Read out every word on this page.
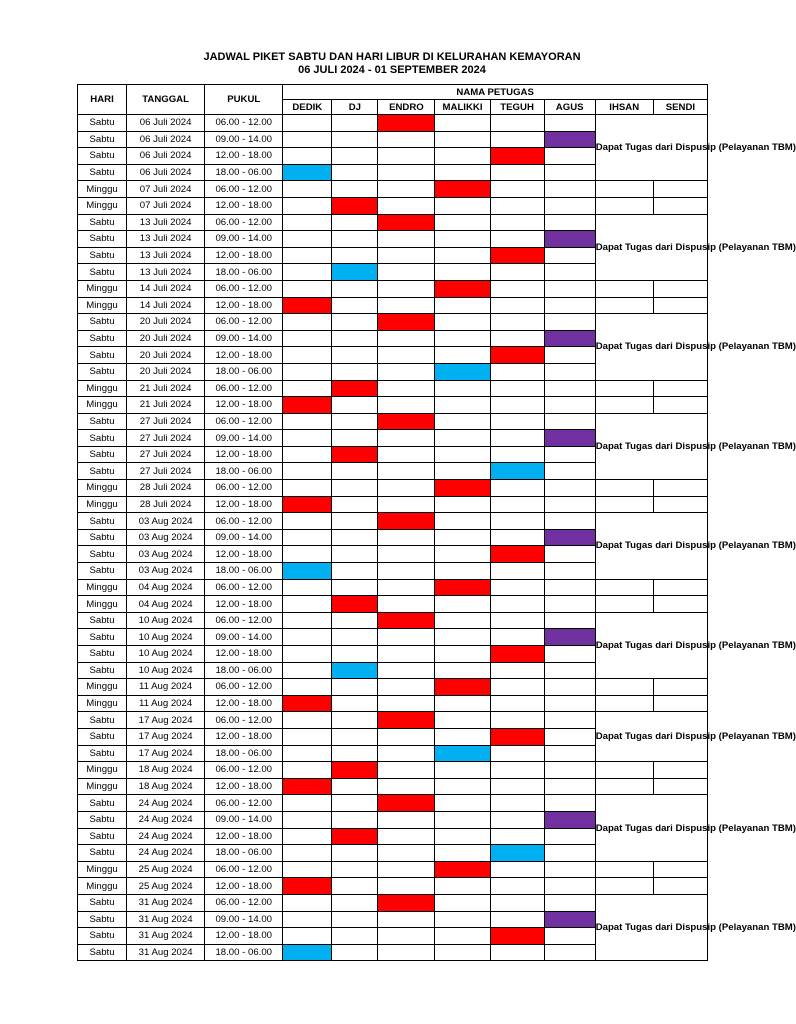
JADWAL PIKET SABTU DAN HARI LIBUR DI KELURAHAN KEMAYORAN
06 JULI 2024 - 01 SEPTEMBER 2024
HARI	TANGGAL	PUKUL	NAMA PETUGAS							
			DEDIK	DJ	ENDRO	MALIKKI	TEGUH	AGUS	IHSAN	SENDI
Sabtu	06 Juli 2024	06.00 - 12.00							Dapat Tugas dari Dispusip (Pelayanan TBM)	
Sabtu	06 Juli 2024	09.00 - 14.00								
Sabtu	06 Juli 2024	12.00 - 18.00								
Sabtu	06 Juli 2024	18.00 - 06.00								
Minggu	07 Juli 2024	06.00 - 12.00								
Minggu	07 Juli 2024	12.00 - 18.00								
Sabtu	13 Juli 2024	06.00 - 12.00							Dapat Tugas dari Dispusip (Pelayanan TBM)	
Sabtu	13 Juli 2024	09.00 - 14.00								
Sabtu	13 Juli 2024	12.00 - 18.00								
Sabtu	13 Juli 2024	18.00 - 06.00								
Minggu	14 Juli 2024	06.00 - 12.00								
Minggu	14 Juli 2024	12.00 - 18.00								
Sabtu	20 Juli 2024	06.00 - 12.00							Dapat Tugas dari Dispusip (Pelayanan TBM)	
Sabtu	20 Juli 2024	09.00 - 14.00								
Sabtu	20 Juli 2024	12.00 - 18.00								
Sabtu	20 Juli 2024	18.00 - 06.00								
Minggu	21 Juli 2024	06.00 - 12.00								
Minggu	21 Juli 2024	12.00 - 18.00								
Sabtu	27 Juli 2024	06.00 - 12.00							Dapat Tugas dari Dispusip (Pelayanan TBM)	
Sabtu	27 Juli 2024	09.00 - 14.00								
Sabtu	27 Juli 2024	12.00 - 18.00								
Sabtu	27 Juli 2024	18.00 - 06.00								
Minggu	28 Juli 2024	06.00 - 12.00								
Minggu	28 Juli 2024	12.00 - 18.00								
Sabtu	03 Aug 2024	06.00 - 12.00							Dapat Tugas dari Dispusip (Pelayanan TBM)	
Sabtu	03 Aug 2024	09.00 - 14.00								
Sabtu	03 Aug 2024	12.00 - 18.00								
Sabtu	03 Aug 2024	18.00 - 06.00								
Minggu	04 Aug 2024	06.00 - 12.00								
Minggu	04 Aug 2024	12.00 - 18.00								
Sabtu	10 Aug 2024	06.00 - 12.00							Dapat Tugas dari Dispusip (Pelayanan TBM)	
Sabtu	10 Aug 2024	09.00 - 14.00								
Sabtu	10 Aug 2024	12.00 - 18.00								
Sabtu	10 Aug 2024	18.00 - 06.00								
Minggu	11 Aug 2024	06.00 - 12.00								
Minggu	11 Aug 2024	12.00 - 18.00								
Sabtu	17 Aug 2024	06.00 - 12.00							Dapat Tugas dari Dispusip (Pelayanan TBM)	
Sabtu	17 Aug 2024	12.00 - 18.00								
Sabtu	17 Aug 2024	18.00 - 06.00								
Minggu	18 Aug 2024	06.00 - 12.00								
Minggu	18 Aug 2024	12.00 - 18.00								
Sabtu	24 Aug 2024	06.00 - 12.00							Dapat Tugas dari Dispusip (Pelayanan TBM)	
Sabtu	24 Aug 2024	09.00 - 14.00								
Sabtu	24 Aug 2024	12.00 - 18.00								
Sabtu	24 Aug 2024	18.00 - 06.00								
Minggu	25 Aug 2024	06.00 - 12.00								
Minggu	25 Aug 2024	12.00 - 18.00								
Sabtu	31 Aug 2024	06.00 - 12.00							Dapat Tugas dari Dispusip (Pelayanan TBM)	
Sabtu	31 Aug 2024	09.00 - 14.00								
Sabtu	31 Aug 2024	12.00 - 18.00								
Sabtu	31 Aug 2024	18.00 - 06.00								
